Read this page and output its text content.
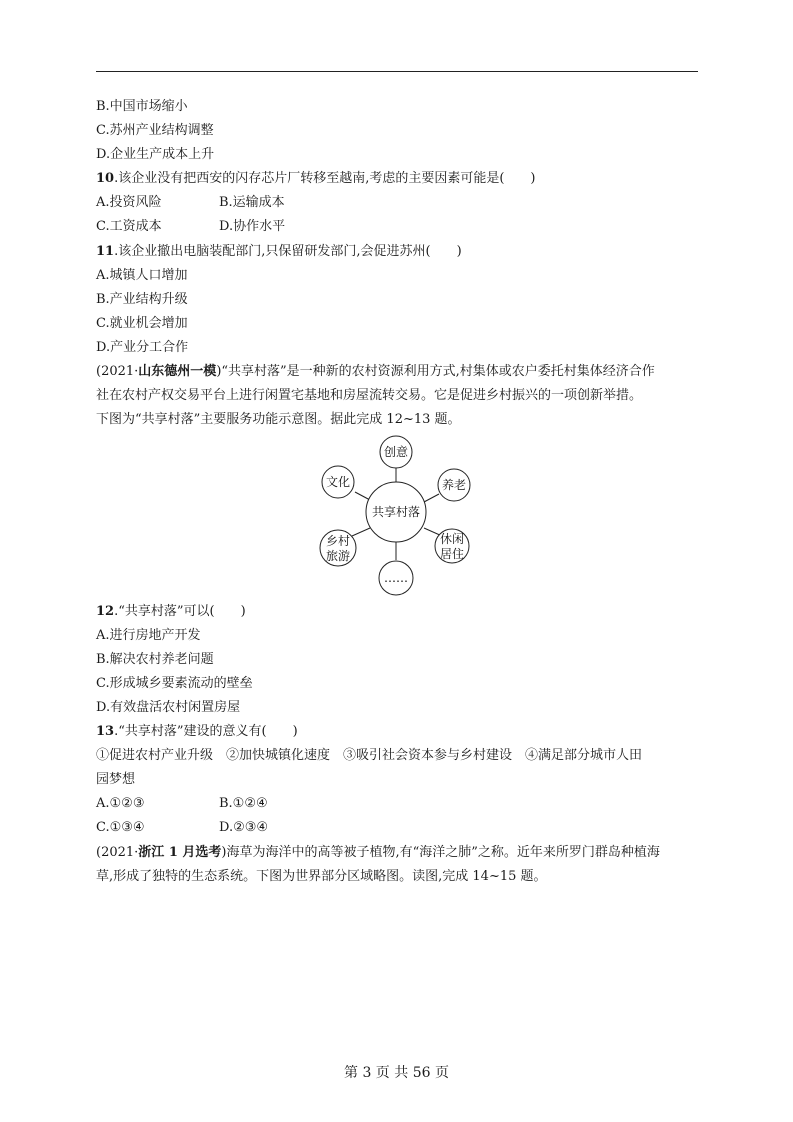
B.中国市场缩小
C.苏州产业结构调整
D.企业生产成本上升
10.该企业没有把西安的闪存芯片厂转移至越南,考虑的主要因素可能是(　　)
A.投资风险	B.运输成本
C.工资成本	D.协作水平
11.该企业撤出电脑装配部门,只保留研发部门,会促进苏州(　　)
A.城镇人口增加
B.产业结构升级
C.就业机会增加
D.产业分工合作
(2021·山东德州一模)“共享村落”是一种新的农村资源利用方式,村集体或农户委托村集体经济合作
社在农村产权交易平台上进行闲置宅基地和房屋流转交易。它是促进乡村振兴的一项创新举措。
下图为“共享村落”主要服务功能示意图。据此完成 12~13 题。
共享村落
创意
文化	养老
乡村
旅游
休闲
居住
……
12.“共享村落”可以(　　)
A.进行房地产开发
B.解决农村养老问题
C.形成城乡要素流动的壁垒
D.有效盘活农村闲置房屋
13.“共享村落”建设的意义有(　　)
①促进农村产业升级　②加快城镇化速度　③吸引社会资本参与乡村建设　④满足部分城市人田
园梦想
A.①②③	B.①②④
C.①③④	D.②③④
(2021·浙江 1 月选考)海草为海洋中的高等被子植物,有“海洋之肺”之称。近年来所罗门群岛种植海
草,形成了独特的生态系统。下图为世界部分区域略图。读图,完成 14~15 题。
第 3 页 共 56 页
